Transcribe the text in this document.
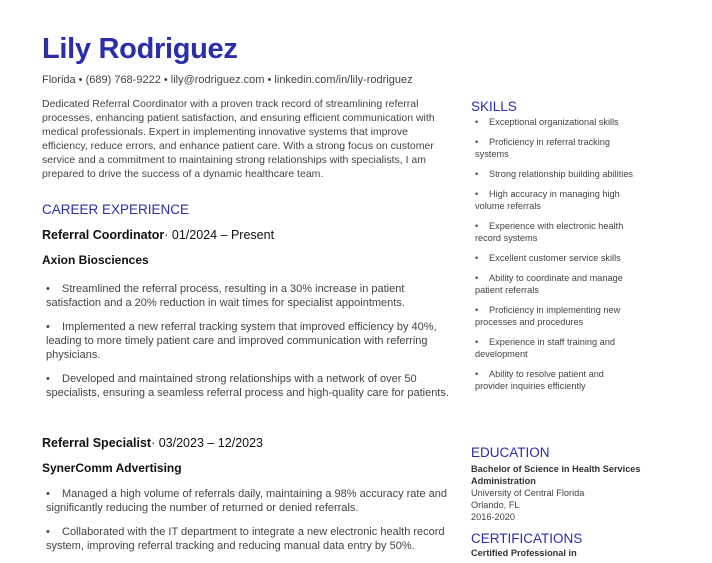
Lily Rodriguez
Florida • (689) 768-9222 • lily@rodriguez.com • linkedin.com/in/lily-rodriguez
Dedicated Referral Coordinator with a proven track record of streamlining referral processes, enhancing patient satisfaction, and ensuring efficient communication with medical professionals. Expert in implementing innovative systems that improve efficiency, reduce errors, and enhance patient care. With a strong focus on customer service and a commitment to maintaining strong relationships with specialists, I am prepared to drive the success of a dynamic healthcare team.
CAREER EXPERIENCE
Referral Coordinator· 01/2024 – Present
Axion Biosciences
• Streamlined the referral process, resulting in a 30% increase in patient satisfaction and a 20% reduction in wait times for specialist appointments.
• Implemented a new referral tracking system that improved efficiency by 40%, leading to more timely patient care and improved communication with referring physicians.
• Developed and maintained strong relationships with a network of over 50 specialists, ensuring a seamless referral process and high-quality care for patients.
Referral Specialist· 03/2023 – 12/2023
SynerComm Advertising
• Managed a high volume of referrals daily, maintaining a 98% accuracy rate and significantly reducing the number of returned or denied referrals.
• Collaborated with the IT department to integrate a new electronic health record system, improving referral tracking and reducing manual data entry by 50%.
SKILLS
• Exceptional organizational skills
• Proficiency in referral tracking systems
• Strong relationship building abilities
• High accuracy in managing high volume referrals
• Experience with electronic health record systems
• Excellent customer service skills
• Ability to coordinate and manage patient referrals
• Proficiency in implementing new processes and procedures
• Experience in staff training and development
• Ability to resolve patient and provider inquiries efficiently
EDUCATION
Bachelor of Science in Health Services Administration
University of Central Florida
Orlando, FL
2016-2020
CERTIFICATIONS
Certified Professional in
